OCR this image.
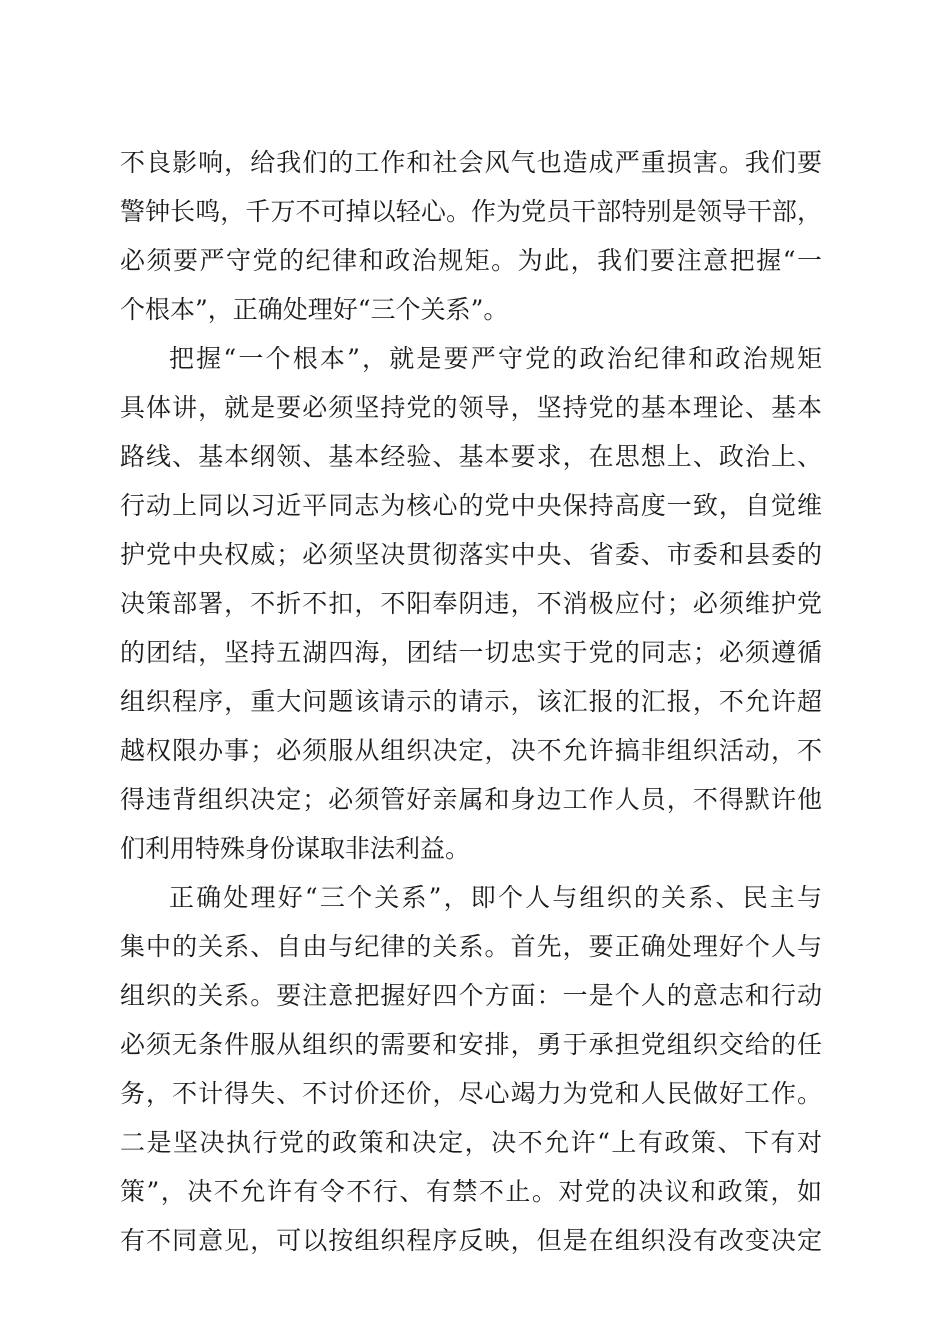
不良影响，给我们的工作和社会风气也造成严重损害。我们要
警钟长鸣，千万不可掉以轻心。作为党员干部特别是领导干部，
必须要严守党的纪律和政治规矩。为此，我们要注意把握“一
个根本”，正确处理好“三个关系”。
把握“一个根本”，就是要严守党的政治纪律和政治规矩
具体讲，就是要必须坚持党的领导，坚持党的基本理论、基本
路线、基本纲领、基本经验、基本要求，在思想上、政治上、
行动上同以习近平同志为核心的党中央保持高度一致，自觉维
护党中央权威；必须坚决贯彻落实中央、省委、市委和县委的
决策部署，不折不扣，不阳奉阴违，不消极应付；必须维护党
的团结，坚持五湖四海，团结一切忠实于党的同志；必须遵循
组织程序，重大问题该请示的请示，该汇报的汇报，不允许超
越权限办事；必须服从组织决定，决不允许搞非组织活动，不
得违背组织决定；必须管好亲属和身边工作人员，不得默许他
们利用特殊身份谋取非法利益。
正确处理好“三个关系”，即个人与组织的关系、民主与
集中的关系、自由与纪律的关系。首先，要正确处理好个人与
组织的关系。要注意把握好四个方面：一是个人的意志和行动
必须无条件服从组织的需要和安排，勇于承担党组织交给的任
务，不计得失、不讨价还价，尽心竭力为党和人民做好工作。
二是坚决执行党的政策和决定，决不允许“上有政策、下有对
策”，决不允许有令不行、有禁不止。对党的决议和政策，如
有不同意见，可以按组织程序反映，但是在组织没有改变决定
